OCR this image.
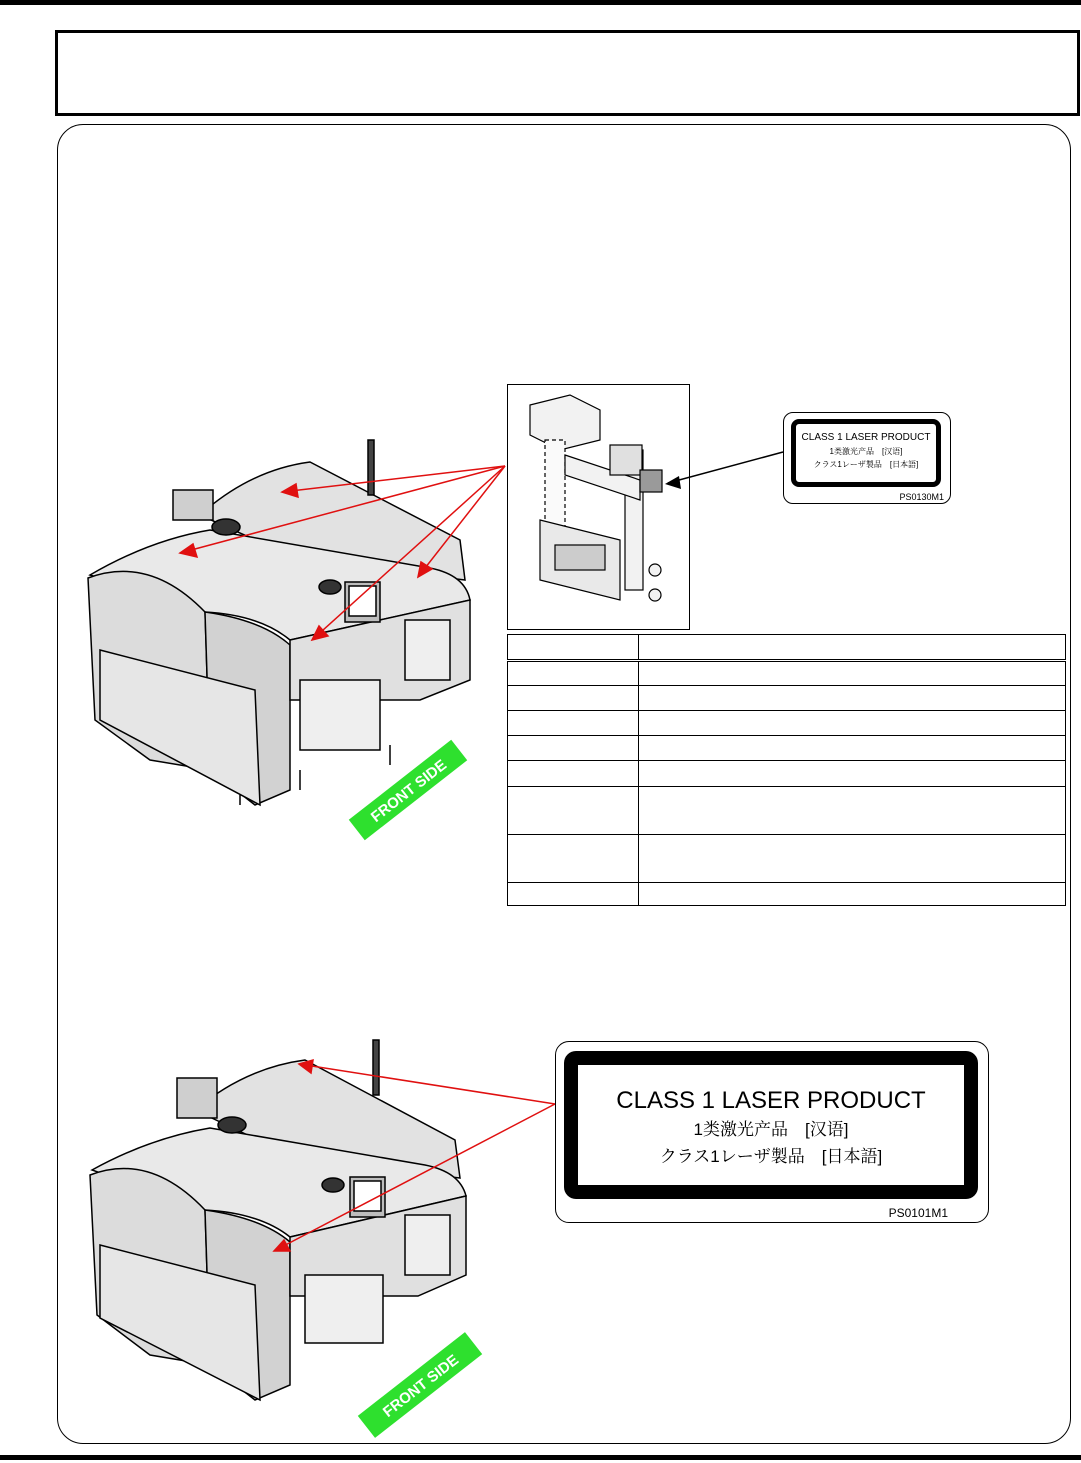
FRONT SIDE
CLASS 1 LASER PRODUCT
1类激光产品　[汉语]
クラス1レーザ製品　[日本語]
PS0130M1

FRONT SIDE
CLASS 1 LASER PRODUCT
1类激光产品　[汉语]
クラス1レーザ製品　[日本語]
PS0101M1
